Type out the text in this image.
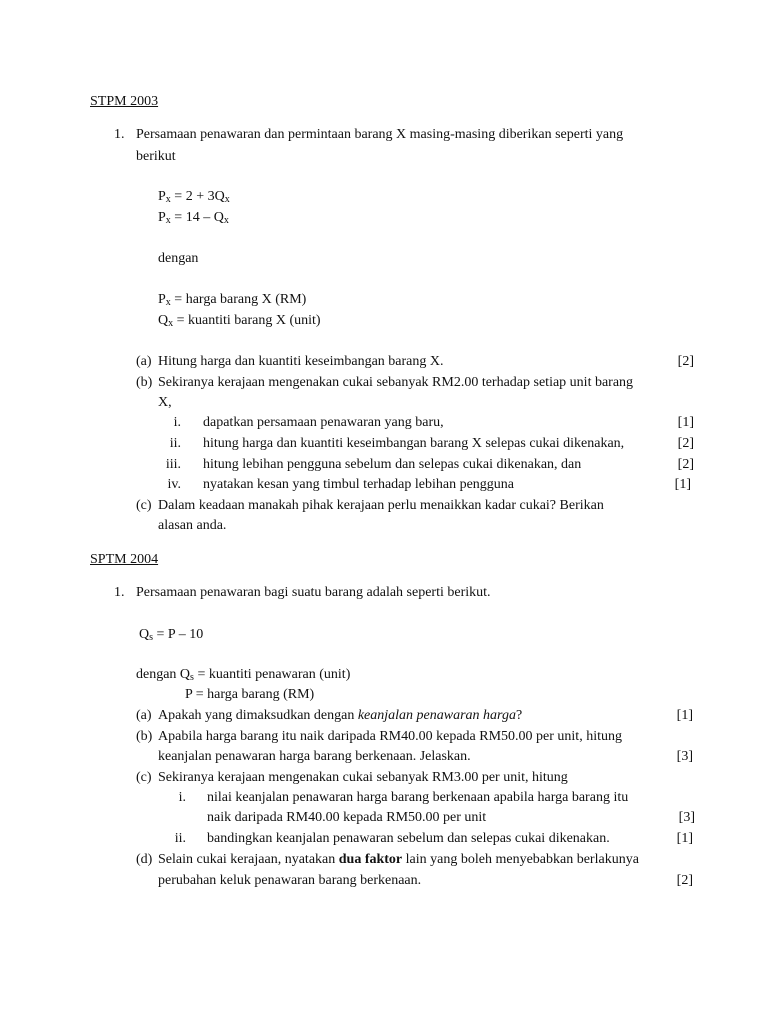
STPM 2003
1. Persamaan penawaran dan permintaan barang X masing-masing diberikan seperti yang
berikut
$P_x = 2 + 3Q_x$
$P_x = 14 - Q_x$
dengan
$P_x$ = harga barang X (RM)
$Q_x$ = kuantiti barang X (unit)
(a) Hitung harga dan kuantiti keseimbangan barang X.	[2]
(b) Sekiranya kerajaan mengenakan cukai sebanyak RM2.00 terhadap setiap unit barang
X,
i. dapatkan persamaan penawaran yang baru,	[1]
ii. hitung harga dan kuantiti keseimbangan barang X selepas cukai dikenakan,	[2]
iii. hitung lebihan pengguna sebelum dan selepas cukai dikenakan, dan	[2]
iv. nyatakan kesan yang timbul terhadap lebihan pengguna	[1]
(c) Dalam keadaan manakah pihak kerajaan perlu menaikkan kadar cukai? Berikan
alasan anda.
SPTM 2004
1. Persamaan penawaran bagi suatu barang adalah seperti berikut.
$Q_s = P - 10$
dengan $Q_s$ = kuantiti penawaran (unit)
P = harga barang (RM)
(a) Apakah yang dimaksudkan dengan keanjalan penawaran harga?	[1]
(b) Apabila harga barang itu naik daripada RM40.00 kepada RM50.00 per unit, hitung
keanjalan penawaran harga barang berkenaan. Jelaskan.	[3]
(c) Sekiranya kerajaan mengenakan cukai sebanyak RM3.00 per unit, hitung
i. nilai keanjalan penawaran harga barang berkenaan apabila harga barang itu
naik daripada RM40.00 kepada RM50.00 per unit	[3]
ii. bandingkan keanjalan penawaran sebelum dan selepas cukai dikenakan.	[1]
(d) Selain cukai kerajaan, nyatakan dua faktor lain yang boleh menyebabkan berlakunya
perubahan keluk penawaran barang berkenaan.	[2]
